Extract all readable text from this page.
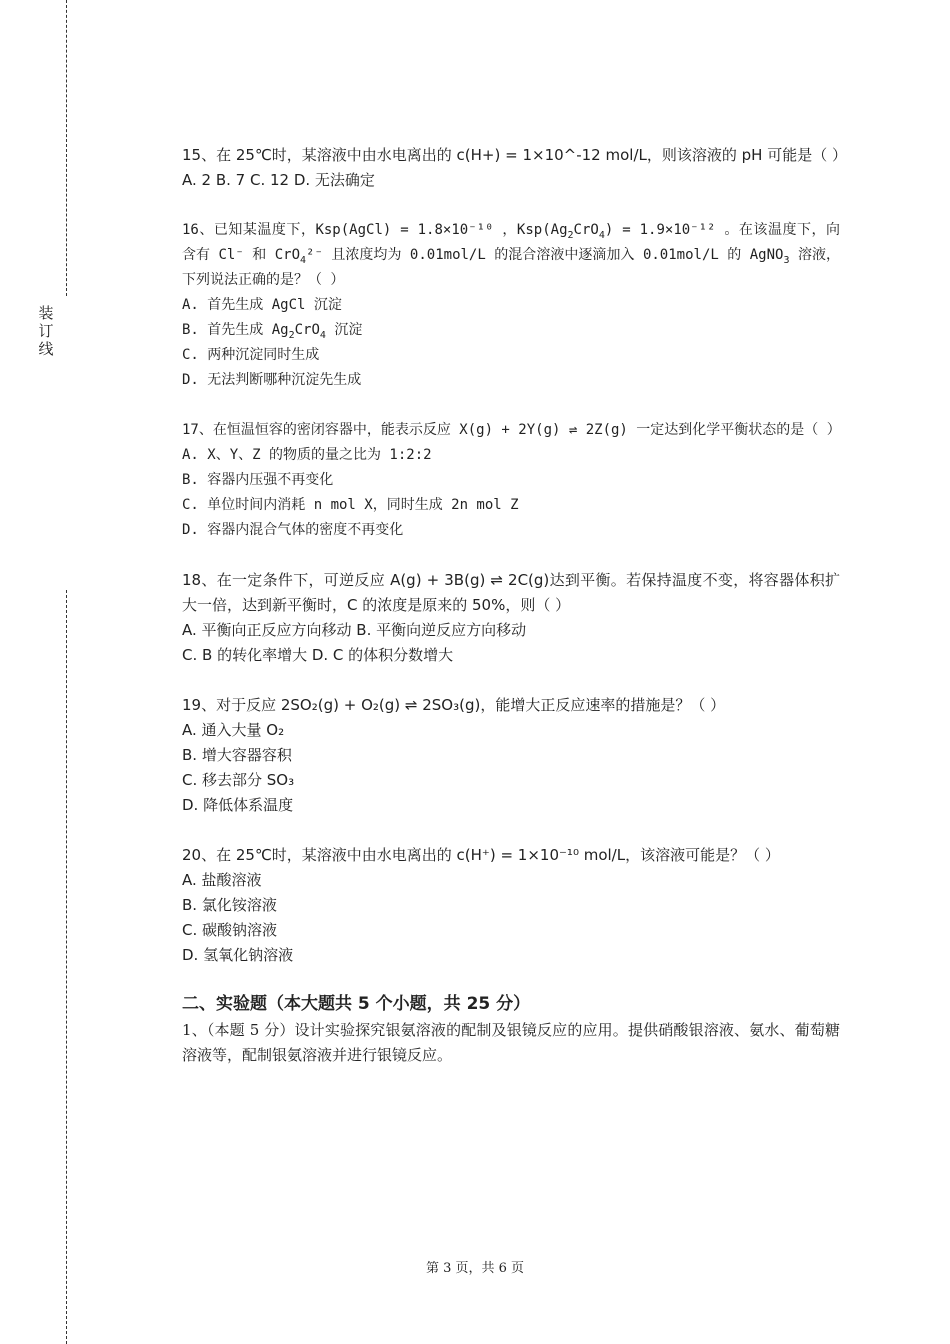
装
订
线
15、在 25℃时，某溶液中由水电离出的 c(H+) = 1×10^-12 mol/L，则该溶液的 pH 可能是（ ）
A. 2 B. 7 C. 12 D. 无法确定
16、已知某温度下，Ksp(AgCl) = 1.8×10⁻¹⁰ ，$Ksp(Ag_2CrO_4) = 1.9\times 10^{-12}$ 。在该温度下，向含有 Cl⁻ 和 CrO$_4$²⁻ 且浓度均为 0.01mol/L 的混合溶液中逐滴加入 0.01mol/L 的 AgNO$_3$ 溶液，下列说法正确的是？（ ）
A. 首先生成 AgCl 沉淀
B. 首先生成 $Ag_2CrO_4$ 沉淀
C. 两种沉淀同时生成
D. 无法判断哪种沉淀先生成
17、在恒温恒容的密闭容器中，能表示反应 X(g) + 2Y(g) ⇌ 2Z(g) 一定达到化学平衡状态的是（ ）
A. X、Y、Z 的物质的量之比为 1:2:2
B. 容器内压强不再变化
C. 单位时间内消耗 n mol X，同时生成 2n mol Z
D. 容器内混合气体的密度不再变化
18、在一定条件下，可逆反应 A(g) + 3B(g) ⇌ 2C(g)达到平衡。若保持温度不变，将容器体积扩大一倍，达到新平衡时，C 的浓度是原来的 50%，则（ ）
A. 平衡向正反应方向移动 B. 平衡向逆反应方向移动
C. B 的转化率增大 D. C 的体积分数增大
19、对于反应 2SO₂(g) + O₂(g) ⇌ 2SO₃(g)，能增大正反应速率的措施是？（ ）
A. 通入大量 O₂
B. 增大容器容积
C. 移去部分 SO₃
D. 降低体系温度
20、在 25℃时，某溶液中由水电离出的 c(H⁺) = 1×10⁻¹⁰ mol/L，该溶液可能是？（ ）
A. 盐酸溶液
B. 氯化铵溶液
C. 碳酸钠溶液
D. 氢氧化钠溶液
二、实验题（本大题共 5 个小题，共 25 分）
1、（本题 5 分）设计实验探究银氨溶液的配制及银镜反应的应用。提供硝酸银溶液、氨水、葡萄糖溶液等，配制银氨溶液并进行银镜反应。
第 3 页，共 6 页
